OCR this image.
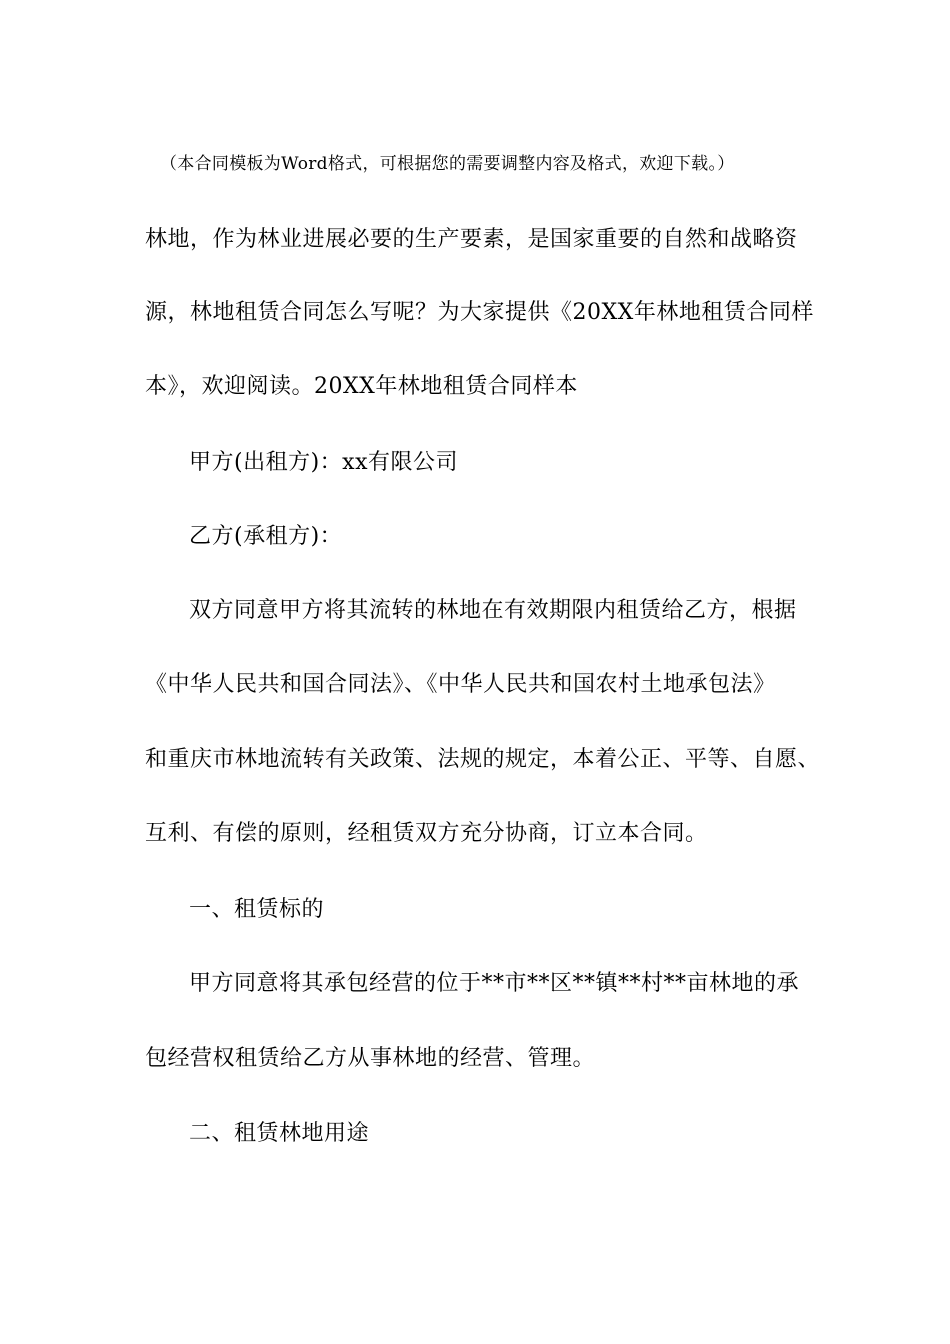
（本合同模板为Word格式，可根据您的需要调整内容及格式，欢迎下载。）

林地，作为林业进展必要的生产要素，是国家重要的自然和战略资

源，林地租赁合同怎么写呢？为大家提供《20XX年林地租赁合同样

本》，欢迎阅读。20XX年林地租赁合同样本

甲方(出租方)：xx有限公司

乙方(承租方)：

双方同意甲方将其流转的林地在有效期限内租赁给乙方，根据

《中华人民共和国合同法》、《中华人民共和国农村土地承包法》

和重庆市林地流转有关政策、法规的规定，本着公正、平等、自愿、

互利、有偿的原则，经租赁双方充分协商，订立本合同。

一、租赁标的

甲方同意将其承包经营的位于**市**区**镇**村**亩林地的承

包经营权租赁给乙方从事林地的经营、管理。

二、租赁林地用途
